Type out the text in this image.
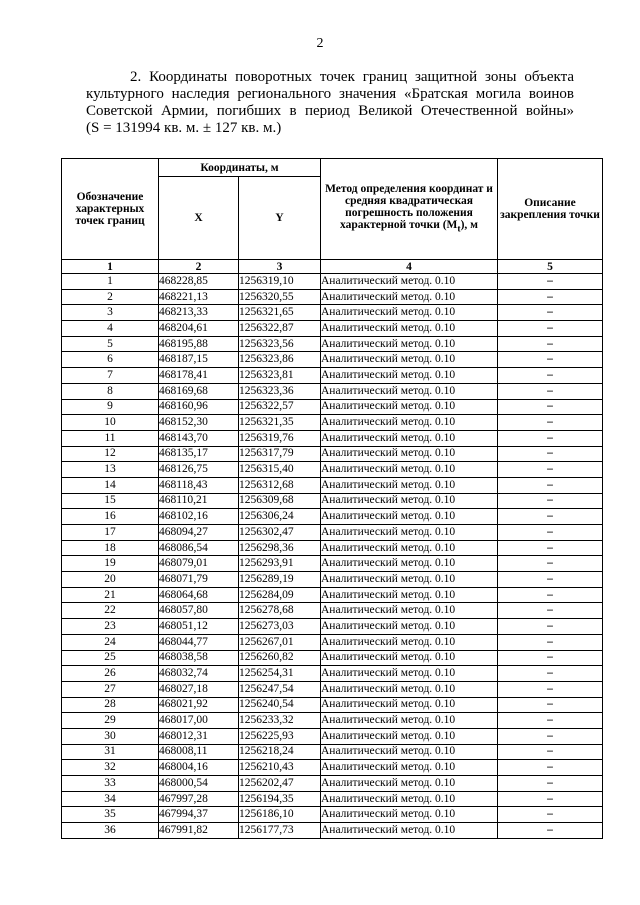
2
2. Координаты поворотных точек границ защитной зоны объекта
культурного наследия регионального значения «Братская могила воинов
Советской Армии, погибших в период Великой Отечественной войны»
(S = 131994 кв. м. ± 127 кв. м.)
Обозначение характерных точек границ	Координаты, м		Метод определения координат и средняя квадратическая погрешность положения характерной точки $(M_t)$, м	Описание закрепления точки
	X	Y		
1	2	3	4	5
1	468228,85	1256319,10	Аналитический метод. 0.10	–
2	468221,13	1256320,55	Аналитический метод. 0.10	–
3	468213,33	1256321,65	Аналитический метод. 0.10	–
4	468204,61	1256322,87	Аналитический метод. 0.10	–
5	468195,88	1256323,56	Аналитический метод. 0.10	–
6	468187,15	1256323,86	Аналитический метод. 0.10	–
7	468178,41	1256323,81	Аналитический метод. 0.10	–
8	468169,68	1256323,36	Аналитический метод. 0.10	–
9	468160,96	1256322,57	Аналитический метод. 0.10	–
10	468152,30	1256321,35	Аналитический метод. 0.10	–
11	468143,70	1256319,76	Аналитический метод. 0.10	–
12	468135,17	1256317,79	Аналитический метод. 0.10	–
13	468126,75	1256315,40	Аналитический метод. 0.10	–
14	468118,43	1256312,68	Аналитический метод. 0.10	–
15	468110,21	1256309,68	Аналитический метод. 0.10	–
16	468102,16	1256306,24	Аналитический метод. 0.10	–
17	468094,27	1256302,47	Аналитический метод. 0.10	–
18	468086,54	1256298,36	Аналитический метод. 0.10	–
19	468079,01	1256293,91	Аналитический метод. 0.10	–
20	468071,79	1256289,19	Аналитический метод. 0.10	–
21	468064,68	1256284,09	Аналитический метод. 0.10	–
22	468057,80	1256278,68	Аналитический метод. 0.10	–
23	468051,12	1256273,03	Аналитический метод. 0.10	–
24	468044,77	1256267,01	Аналитический метод. 0.10	–
25	468038,58	1256260,82	Аналитический метод. 0.10	–
26	468032,74	1256254,31	Аналитический метод. 0.10	–
27	468027,18	1256247,54	Аналитический метод. 0.10	–
28	468021,92	1256240,54	Аналитический метод. 0.10	–
29	468017,00	1256233,32	Аналитический метод. 0.10	–
30	468012,31	1256225,93	Аналитический метод. 0.10	–
31	468008,11	1256218,24	Аналитический метод. 0.10	–
32	468004,16	1256210,43	Аналитический метод. 0.10	–
33	468000,54	1256202,47	Аналитический метод. 0.10	–
34	467997,28	1256194,35	Аналитический метод. 0.10	–
35	467994,37	1256186,10	Аналитический метод. 0.10	–
36	467991,82	1256177,73	Аналитический метод. 0.10	–
